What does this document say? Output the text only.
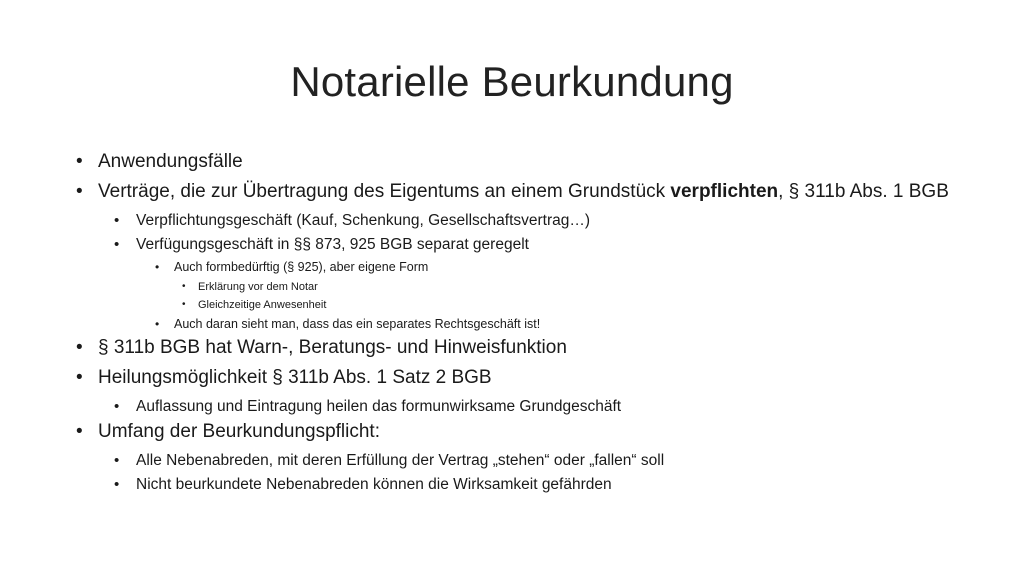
Notarielle Beurkundung
• Anwendungsfälle
• Verträge, die zur Übertragung des Eigentums an einem Grundstück verpflichten, § 311b Abs. 1 BGB
• Verpflichtungsgeschäft (Kauf, Schenkung, Gesellschaftsvertrag…)
• Verfügungsgeschäft in §§ 873, 925 BGB separat geregelt
• Auch formbedürftig (§ 925), aber eigene Form
• Erklärung vor dem Notar
• Gleichzeitige Anwesenheit
• Auch daran sieht man, dass das ein separates Rechtsgeschäft ist!
• § 311b BGB hat Warn-, Beratungs- und Hinweisfunktion
• Heilungsmöglichkeit § 311b Abs. 1 Satz 2 BGB
• Auflassung und Eintragung heilen das formunwirksame Grundgeschäft
• Umfang der Beurkundungspflicht:
• Alle Nebenabreden, mit deren Erfüllung der Vertrag „stehen“ oder „fallen“ soll
• Nicht beurkundete Nebenabreden können die Wirksamkeit gefährden
